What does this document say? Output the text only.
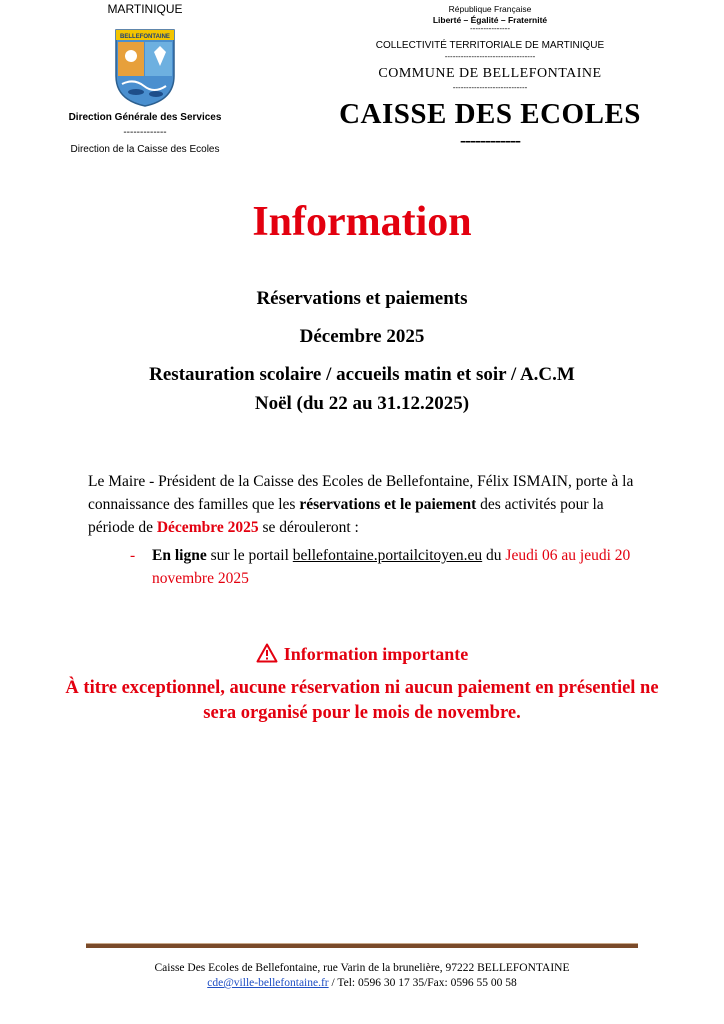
MARTINIQUE
BELLEFONTAINE
Direction Générale des Services
-------------
Direction de la Caisse des Ecoles
République Française
Liberté – Égalité – Fraternité
---------------
COLLECTIVITÉ TERRITORIALE DE MARTINIQUE
----------------------------------
COMMUNE DE BELLEFONTAINE
----------------------------
CAISSE DES ECOLES
------------
Information
Réservations et paiements
Décembre 2025
Restauration scolaire / accueils matin et soir / A.C.M
Noël (du 22 au 31.12.2025)
Le Maire - Président de la Caisse des Ecoles de Bellefontaine, Félix ISMAIN, porte à la connaissance des familles que les réservations et le paiement des activités pour la période de Décembre 2025 se dérouleront :
- En ligne sur le portail bellefontaine.portailcitoyen.eu du Jeudi 06 au jeudi 20 novembre 2025
Information importante
À titre exceptionnel, aucune réservation ni aucun paiement en présentiel ne sera organisé pour le mois de novembre.
Caisse Des Ecoles de Bellefontaine, rue Varin de la brunelière, 97222 BELLEFONTAINE
cde@ville-bellefontaine.fr / Tel: 0596 30 17 35/Fax: 0596 55 00 58
